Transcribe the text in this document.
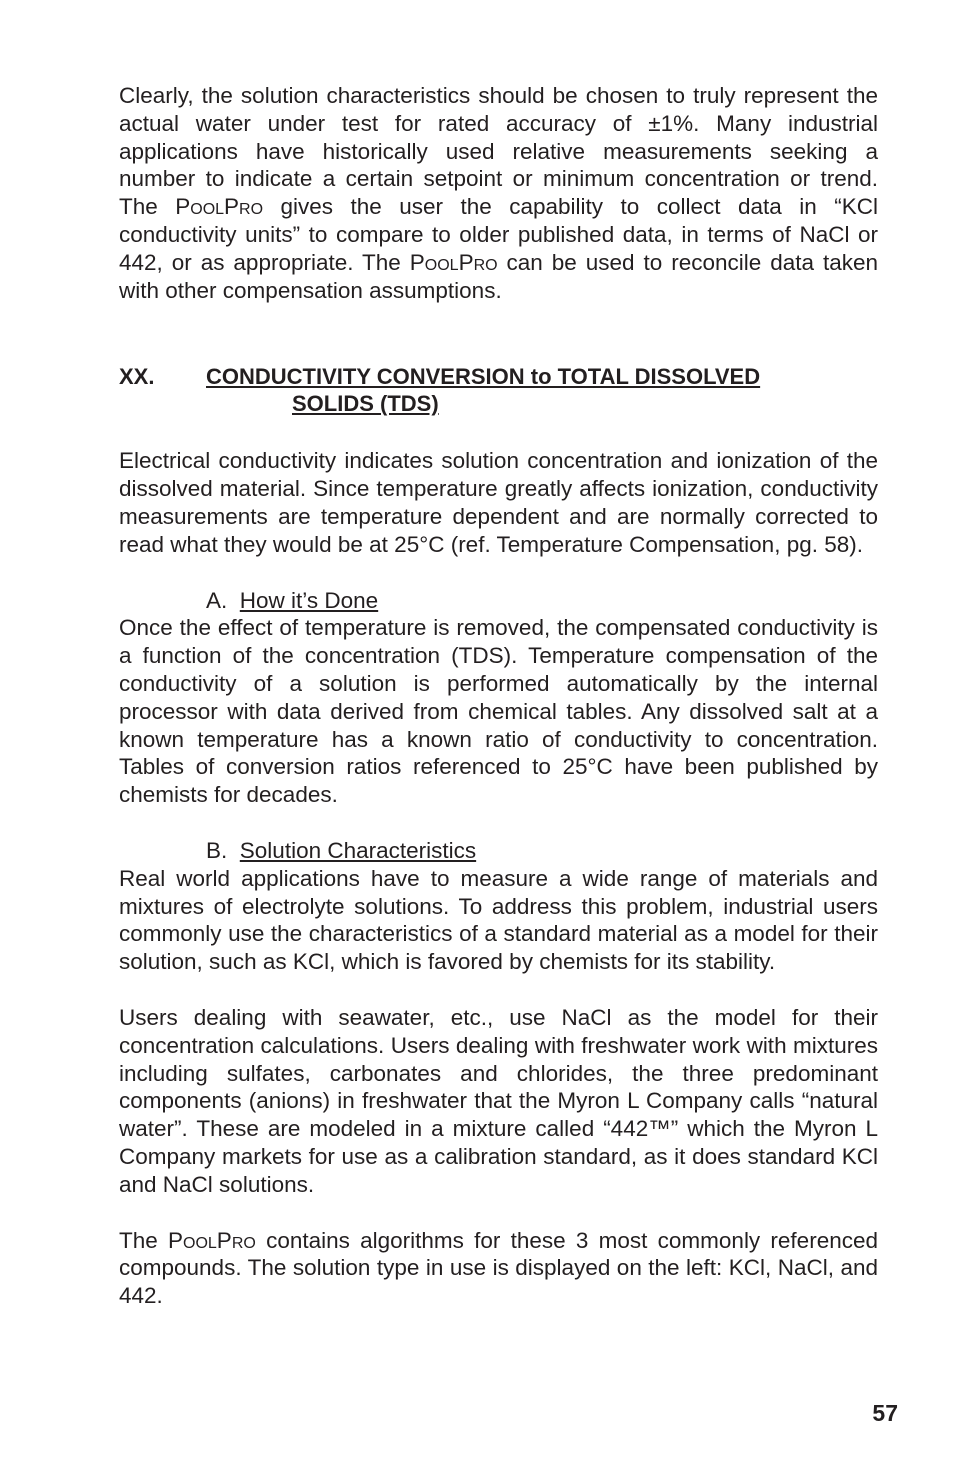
Clearly, the solution characteristics should be chosen to truly represent the actual water under test for rated accuracy of ±1%. Many industrial applications have historically used relative measurements seeking a number to indicate a certain setpoint or minimum concentration or trend. The PoolPro gives the user the capability to collect data in “KCl conductivity units” to compare to older published data, in terms of NaCl or 442, or as appropriate. The PoolPro can be used to reconcile data taken with other compensation assumptions.

Electrical conductivity indicates solution concentration and ionization of the dissolved material. Since temperature greatly affects ionization, conductivity measurements are temperature dependent and are normally corrected to read what they would be at 25°C (ref. Temperature Compensation, pg. 58).

A. How it’s Done

Once the effect of temperature is removed, the compensated conductivity is a function of the concentration (TDS). Temperature compensation of the conductivity of a solution is performed automatically by the internal processor with data derived from chemical tables. Any dissolved salt at a known temperature has a known ratio of conductivity to concentration. Tables of conversion ratios referenced to 25°C have been published by chemists for decades.

B. Solution Characteristics

Real world applications have to measure a wide range of materials and mixtures of electrolyte solutions. To address this problem, industrial users commonly use the characteristics of a standard material as a model for their solution, such as KCl, which is favored by chemists for its stability.

Users dealing with seawater, etc., use NaCl as the model for their concentration calculations. Users dealing with freshwater work with mixtures including sulfates, carbonates and chlorides, the three predominant components (anions) in freshwater that the Myron L Company calls “natural water”. These are modeled in a mixture called “442™” which the Myron L Company markets for use as a calibration standard, as it does standard KCl and NaCl solutions.

The PoolPro contains algorithms for these 3 most commonly referenced compounds. The solution type in use is displayed on the left: KCl, NaCl, and 442.

XX. CONDUCTIVITY CONVERSION to TOTAL DISSOLVED
SOLIDS (TDS)
57
